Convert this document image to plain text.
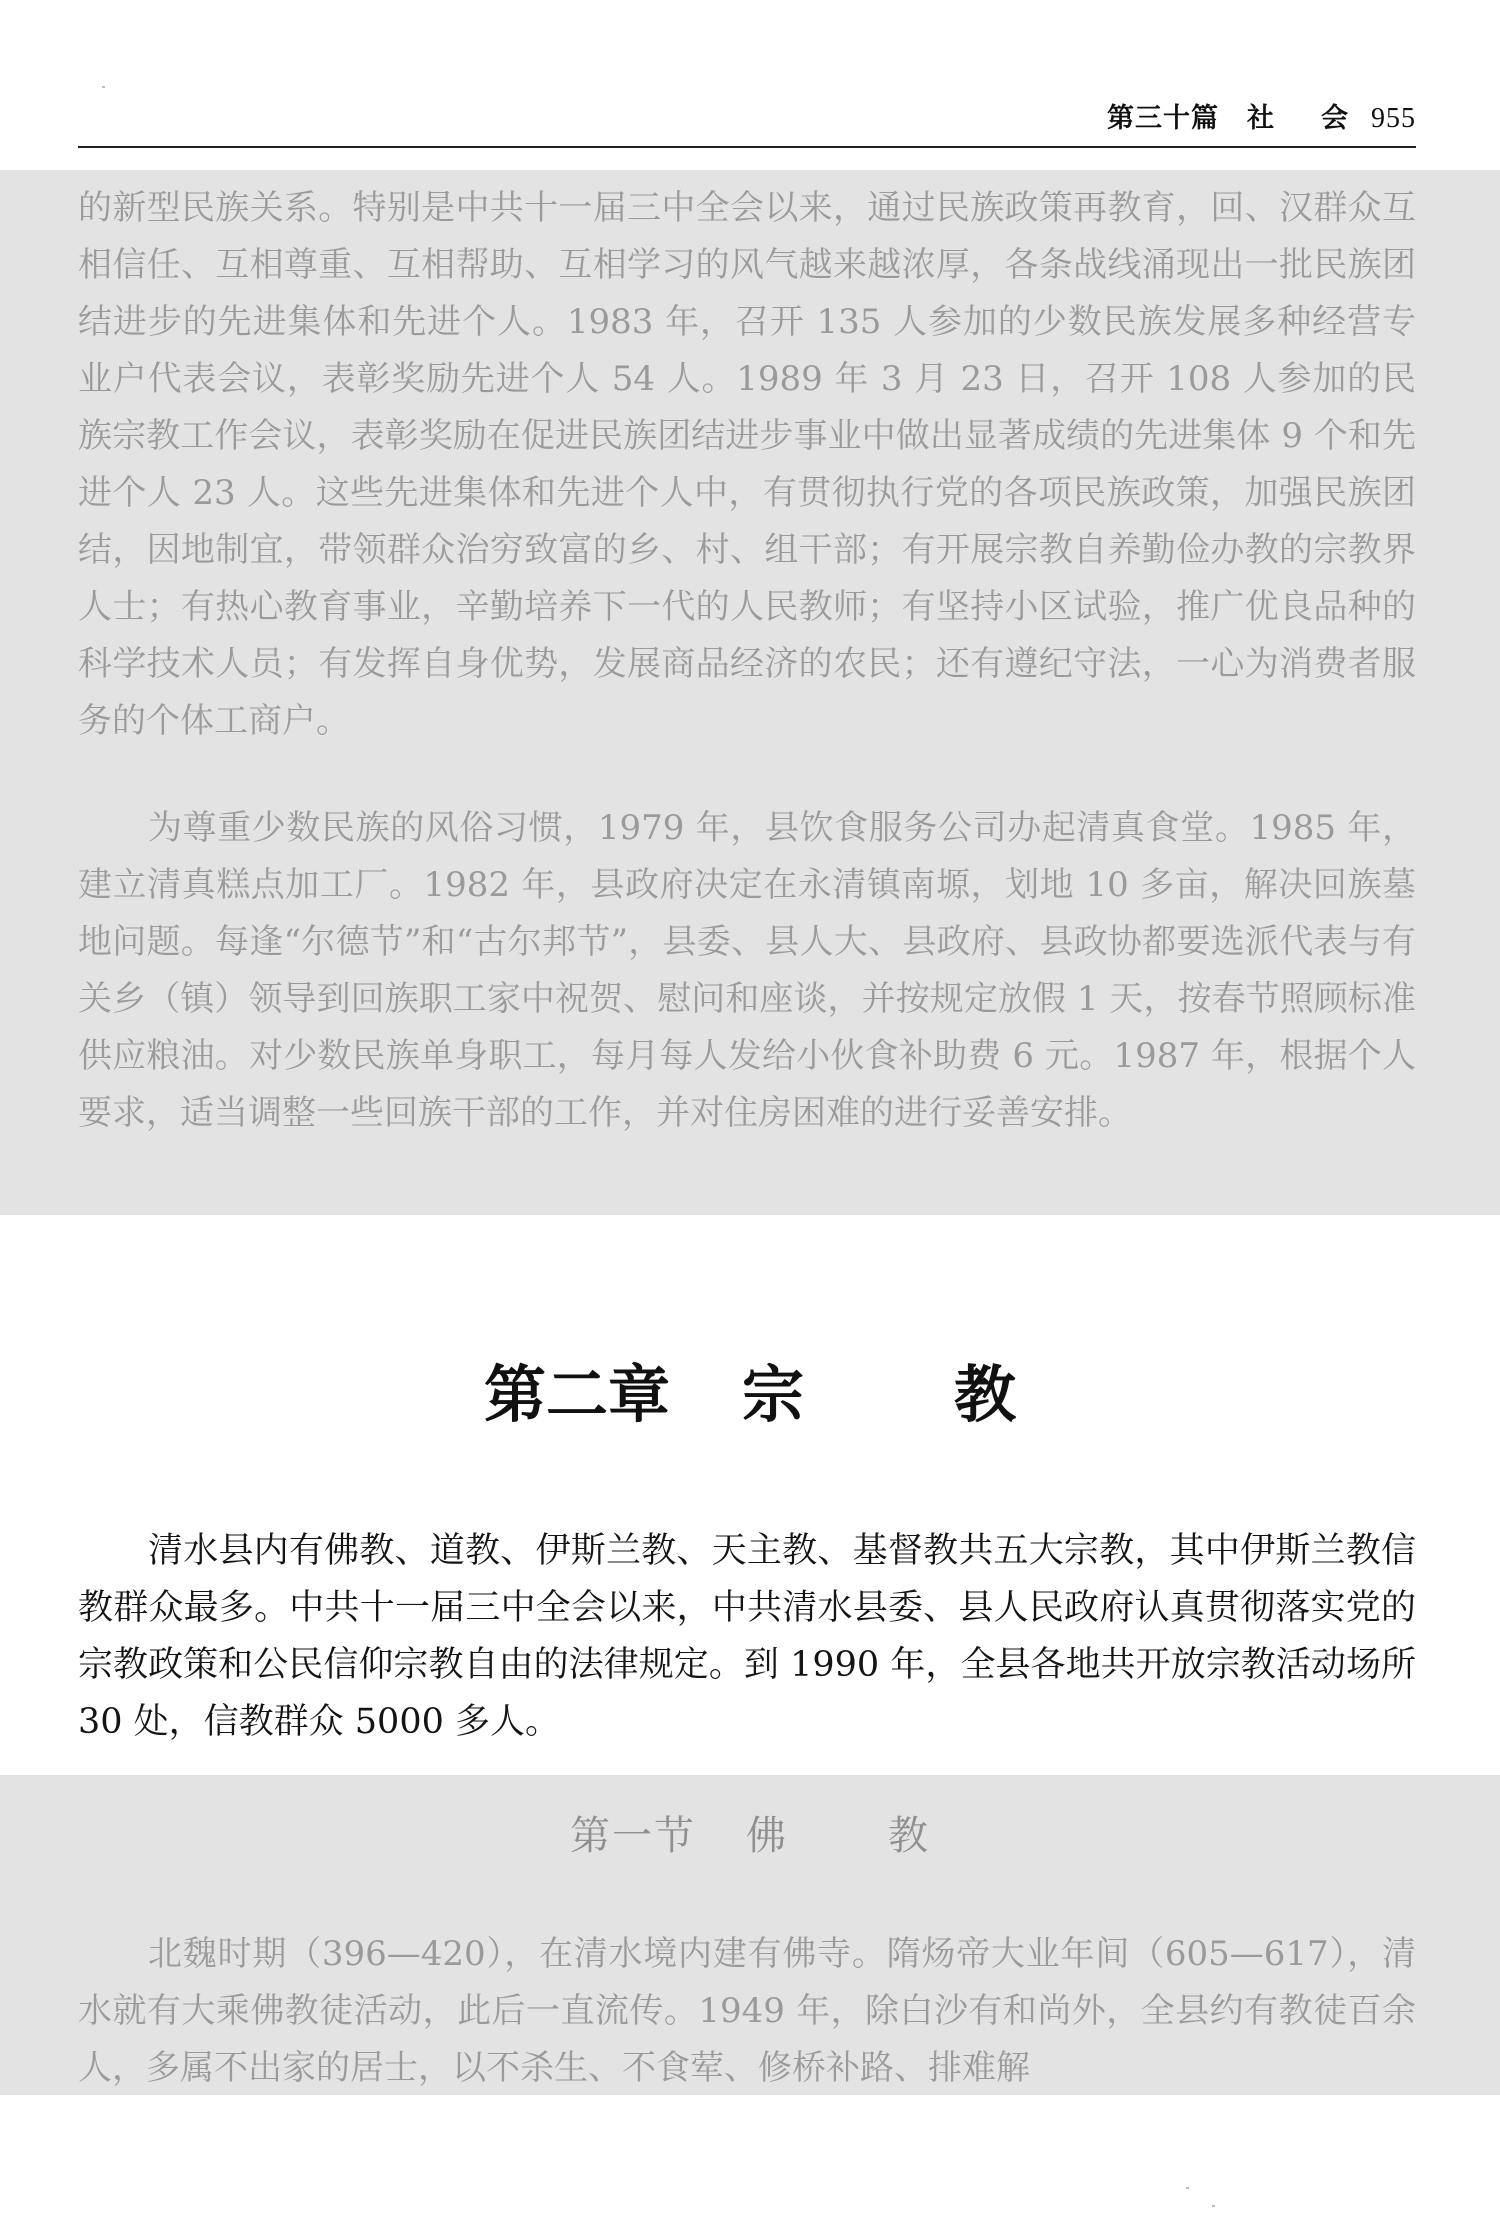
第三十篇 社 会 955

的新型民族关系。特别是中共十一届三中全会以来，通过民族政策再教育，回、汉群众互相信任、互相尊重、互相帮助、互相学习的风气越来越浓厚，各条战线涌现出一批民族团结进步的先进集体和先进个人。1983 年，召开 135 人参加的少数民族发展多种经营专业户代表会议，表彰奖励先进个人 54 人。1989 年 3 月 23 日，召开 108 人参加的民族宗教工作会议，表彰奖励在促进民族团结进步事业中做出显著成绩的先进集体 9 个和先进个人 23 人。这些先进集体和先进个人中，有贯彻执行党的各项民族政策，加强民族团结，因地制宜，带领群众治穷致富的乡、村、组干部；有开展宗教自养勤俭办教的宗教界人士；有热心教育事业，辛勤培养下一代的人民教师；有坚持小区试验，推广优良品种的科学技术人员；有发挥自身优势，发展商品经济的农民；还有遵纪守法，一心为消费者服务的个体工商户。

为尊重少数民族的风俗习惯，1979 年，县饮食服务公司办起清真食堂。1985 年，建立清真糕点加工厂。1982 年，县政府决定在永清镇南塬，划地 10 多亩，解决回族墓地问题。每逢“尔德节”和“古尔邦节”，县委、县人大、县政府、县政协都要选派代表与有关乡（镇）领导到回族职工家中祝贺、慰问和座谈，并按规定放假 1 天，按春节照顾标准供应粮油。对少数民族单身职工，每月每人发给小伙食补助费 6 元。1987 年，根据个人要求，适当调整一些回族干部的工作，并对住房困难的进行妥善安排。

第二章 宗 教

清水县内有佛教、道教、伊斯兰教、天主教、基督教共五大宗教，其中伊斯兰教信教群众最多。中共十一届三中全会以来，中共清水县委、县人民政府认真贯彻落实党的宗教政策和公民信仰宗教自由的法律规定。到 1990 年，全县各地共开放宗教活动场所 30 处，信教群众 5000 多人。

第一节 佛	教

北魏时期（396—420），在清水境内建有佛寺。隋炀帝大业年间（605—617），清水就有大乘佛教徒活动，此后一直流传。1949 年，除白沙有和尚外，全县约有教徒百余人，多属不出家的居士，以不杀生、不食荤、修桥补路、排难解
